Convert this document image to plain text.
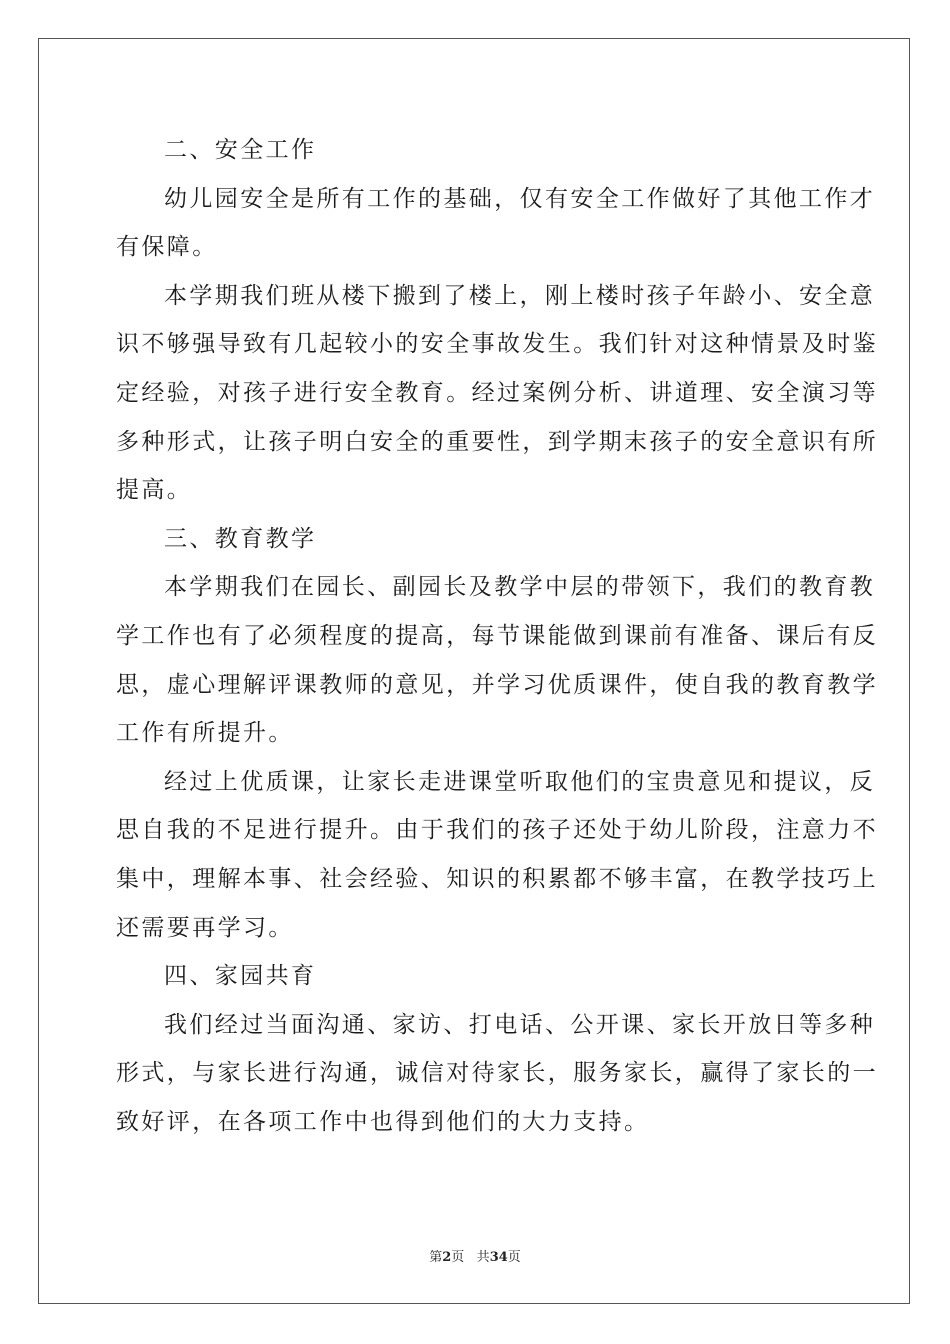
二、安全工作
幼儿园安全是所有工作的基础，仅有安全工作做好了其他工作才
有保障。
本学期我们班从楼下搬到了楼上，刚上楼时孩子年龄小、安全意
识不够强导致有几起较小的安全事故发生。我们针对这种情景及时鉴
定经验，对孩子进行安全教育。经过案例分析、讲道理、安全演习等
多种形式，让孩子明白安全的重要性，到学期末孩子的安全意识有所
提高。
三、教育教学
本学期我们在园长、副园长及教学中层的带领下，我们的教育教
学工作也有了必须程度的提高，每节课能做到课前有准备、课后有反
思，虚心理解评课教师的意见，并学习优质课件，使自我的教育教学
工作有所提升。
经过上优质课，让家长走进课堂听取他们的宝贵意见和提议，反
思自我的不足进行提升。由于我们的孩子还处于幼儿阶段，注意力不
集中，理解本事、社会经验、知识的积累都不够丰富，在教学技巧上
还需要再学习。
四、家园共育
我们经过当面沟通、家访、打电话、公开课、家长开放日等多种
形式，与家长进行沟通，诚信对待家长，服务家长，赢得了家长的一
致好评，在各项工作中也得到他们的大力支持。
第2页 共34页
